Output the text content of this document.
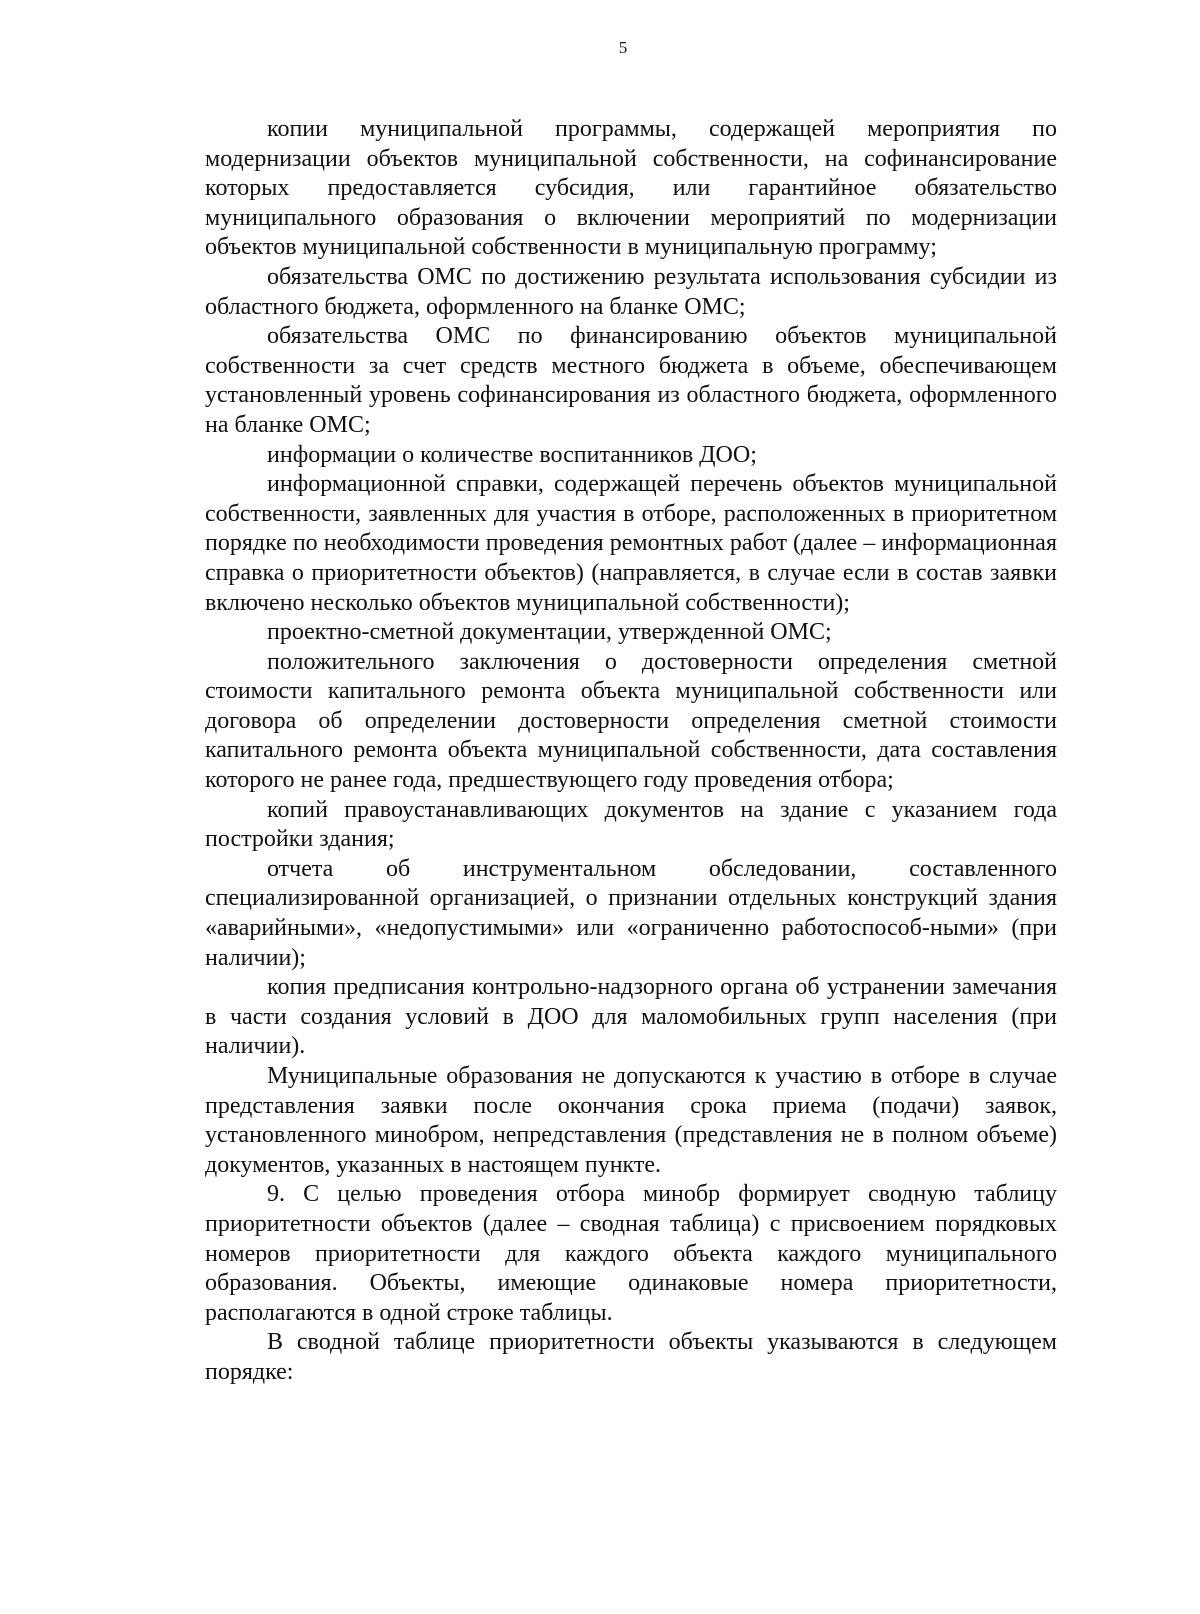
5

копии муниципальной программы, содержащей мероприятия по модернизации объектов муниципальной собственности, на софинансирование которых предоставляется субсидия, или гарантийное обязательство муниципального образования о включении мероприятий по модернизации объектов муниципальной собственности в муниципальную программу;

обязательства ОМС по достижению результата использования субсидии из областного бюджета, оформленного на бланке ОМС;

обязательства ОМС по финансированию объектов муниципальной собственности за счет средств местного бюджета в объеме, обеспечивающем установленный уровень софинансирования из областного бюджета, оформленного на бланке ОМС;

информации о количестве воспитанников ДОО;

информационной справки, содержащей перечень объектов муниципальной собственности, заявленных для участия в отборе, расположенных в приоритетном порядке по необходимости проведения ремонтных работ (далее – информационная справка о приоритетности объектов) (направляется, в случае если в состав заявки включено несколько объектов муниципальной собственности);

проектно-сметной документации, утвержденной ОМС;

положительного заключения о достоверности определения сметной стоимости капитального ремонта объекта муниципальной собственности или договора об определении достоверности определения сметной стоимости капитального ремонта объекта муниципальной собственности, дата составления которого не ранее года, предшествующего году проведения отбора;

копий правоустанавливающих документов на здание с указанием года постройки здания;

отчета об инструментальном обследовании, составленного специализированной организацией, о признании отдельных конструкций здания «аварийными», «недопустимыми» или «ограниченно работоспособ-ными» (при наличии);

копия предписания контрольно-надзорного органа об устранении замечания в части создания условий в ДОО для маломобильных групп населения (при наличии).

Муниципальные образования не допускаются к участию в отборе в случае представления заявки после окончания срока приема (подачи) заявок, установленного минобром, непредставления (представления не в полном объеме) документов, указанных в настоящем пункте.

9. С целью проведения отбора минобр формирует сводную таблицу приоритетности объектов (далее – сводная таблица) с присвоением порядковых номеров приоритетности для каждого объекта каждого муниципального образования. Объекты, имеющие одинаковые номера приоритетности, располагаются в одной строке таблицы.

В сводной таблице приоритетности объекты указываются в следующем порядке:
